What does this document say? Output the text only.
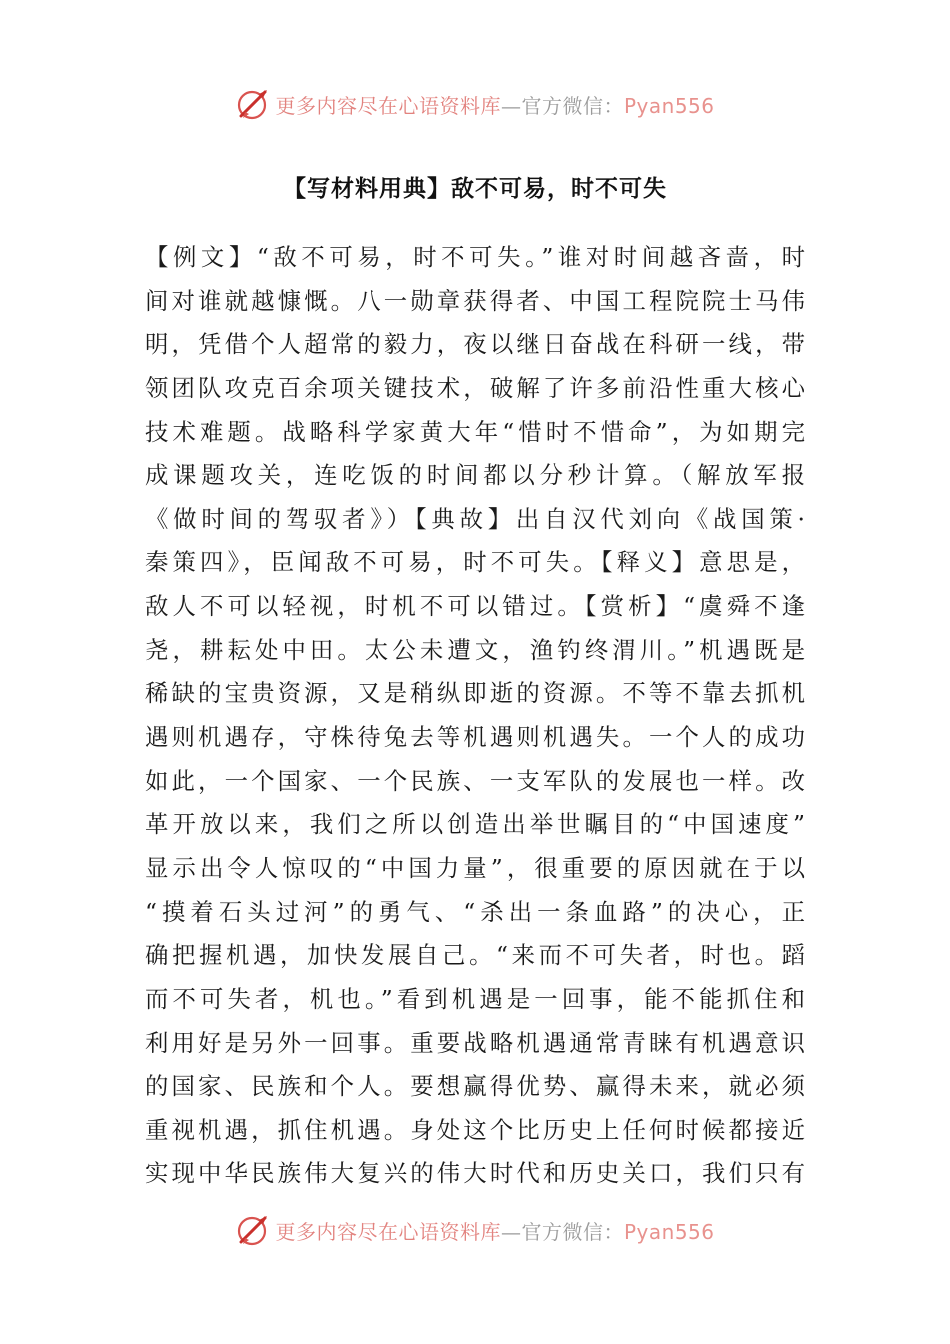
更多内容尽在心语资料库—官方微信：Pyan556
【写材料用典】敌不可易，时不可失
【例文】“敌不可易，时不可失。”谁对时间越吝啬，时
间对谁就越慷慨。八一勋章获得者、中国工程院院士马伟
明，凭借个人超常的毅力，夜以继日奋战在科研一线，带
领团队攻克百余项关键技术，破解了许多前沿性重大核心
技术难题。战略科学家黄大年“惜时不惜命”，为如期完
成课题攻关，连吃饭的时间都以分秒计算。（解放军报
《做时间的驾驭者》）【典故】出自汉代刘向《战国策·
秦策四》，臣闻敌不可易，时不可失。【释义】意思是，
敌人不可以轻视，时机不可以错过。【赏析】“虞舜不逢
尧，耕耘处中田。太公未遭文，渔钓终渭川。”机遇既是
稀缺的宝贵资源，又是稍纵即逝的资源。不等不靠去抓机
遇则机遇存，守株待兔去等机遇则机遇失。一个人的成功
如此，一个国家、一个民族、一支军队的发展也一样。改
革开放以来，我们之所以创造出举世瞩目的“中国速度”
显示出令人惊叹的“中国力量”，很重要的原因就在于以
“摸着石头过河”的勇气、“杀出一条血路”的决心，正
确把握机遇，加快发展自己。“来而不可失者，时也。蹈
而不可失者，机也。”看到机遇是一回事，能不能抓住和
利用好是另外一回事。重要战略机遇通常青睐有机遇意识
的国家、民族和个人。要想赢得优势、赢得未来，就必须
重视机遇，抓住机遇。身处这个比历史上任何时候都接近
实现中华民族伟大复兴的伟大时代和历史关口，我们只有
更多内容尽在心语资料库—官方微信：Pyan556
